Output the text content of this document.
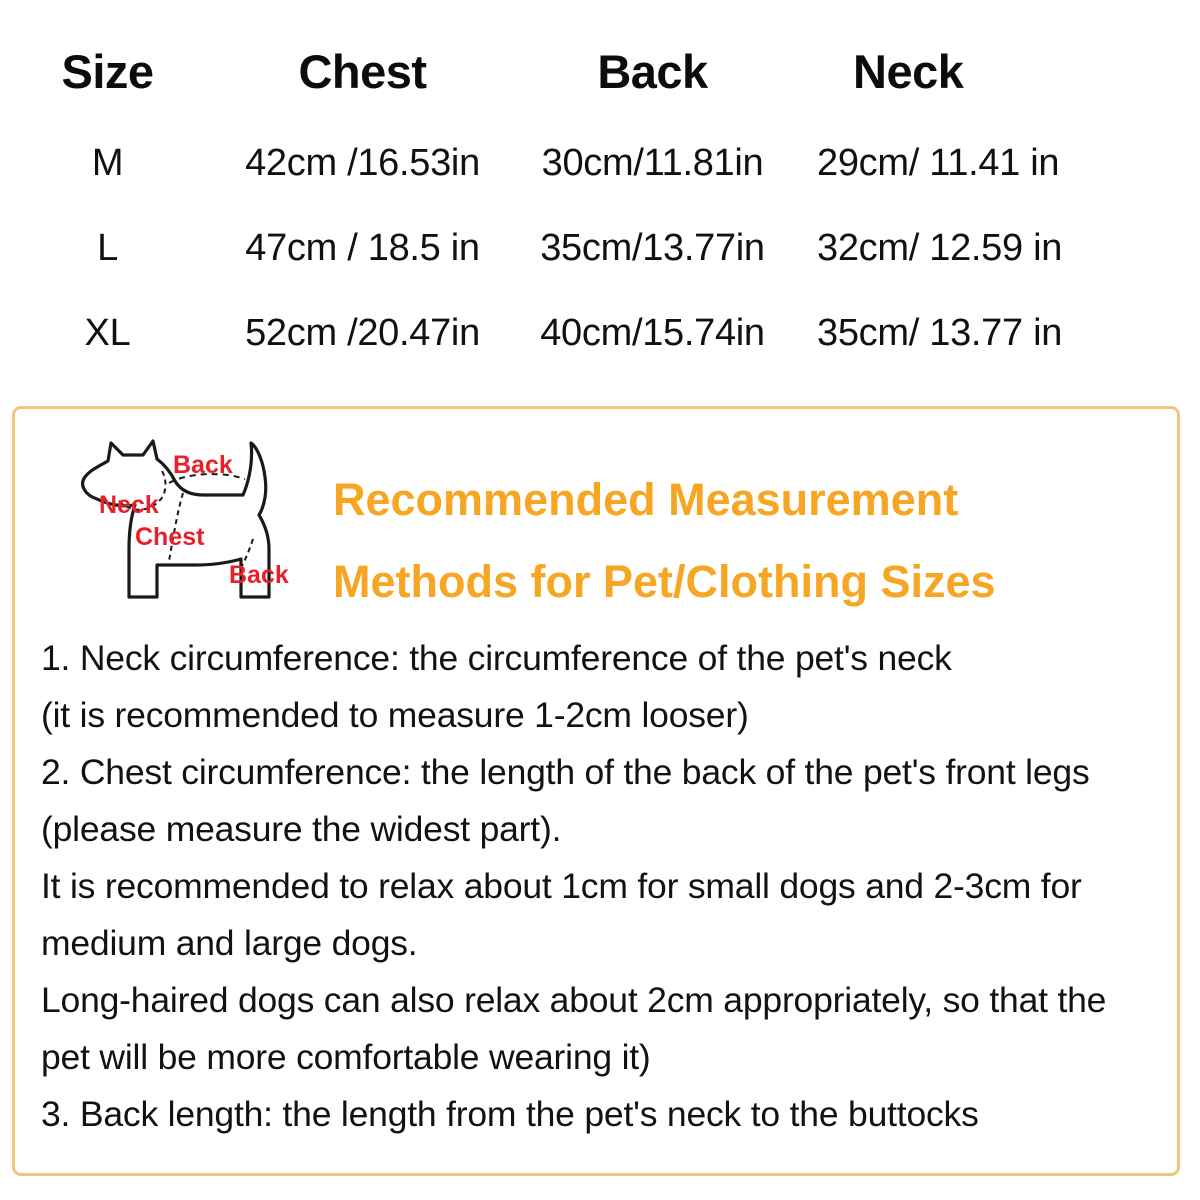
Size	Chest	Back	Neck
M	42cm /16.53in	30cm/11.81in	29cm/ 11.41 in
L	47cm / 18.5 in	35cm/13.77in	32cm/ 12.59 in
XL	52cm /20.47in	40cm/15.74in	35cm/ 13.77 in
Back
Neck
Chest
Back
Recommended Measurement
Methods for Pet/Clothing Sizes

1. Neck circumference: the circumference of the pet's neck

(it is recommended to measure 1-2cm looser)

2. Chest circumference: the length of the back of the pet's front legs

(please measure the widest part).

It is recommended to relax about 1cm for small dogs and 2-3cm for

medium and large dogs.

Long-haired dogs can also relax about 2cm appropriately, so that the

pet will be more comfortable wearing it)

3. Back length: the length from the pet's neck to the buttocks
